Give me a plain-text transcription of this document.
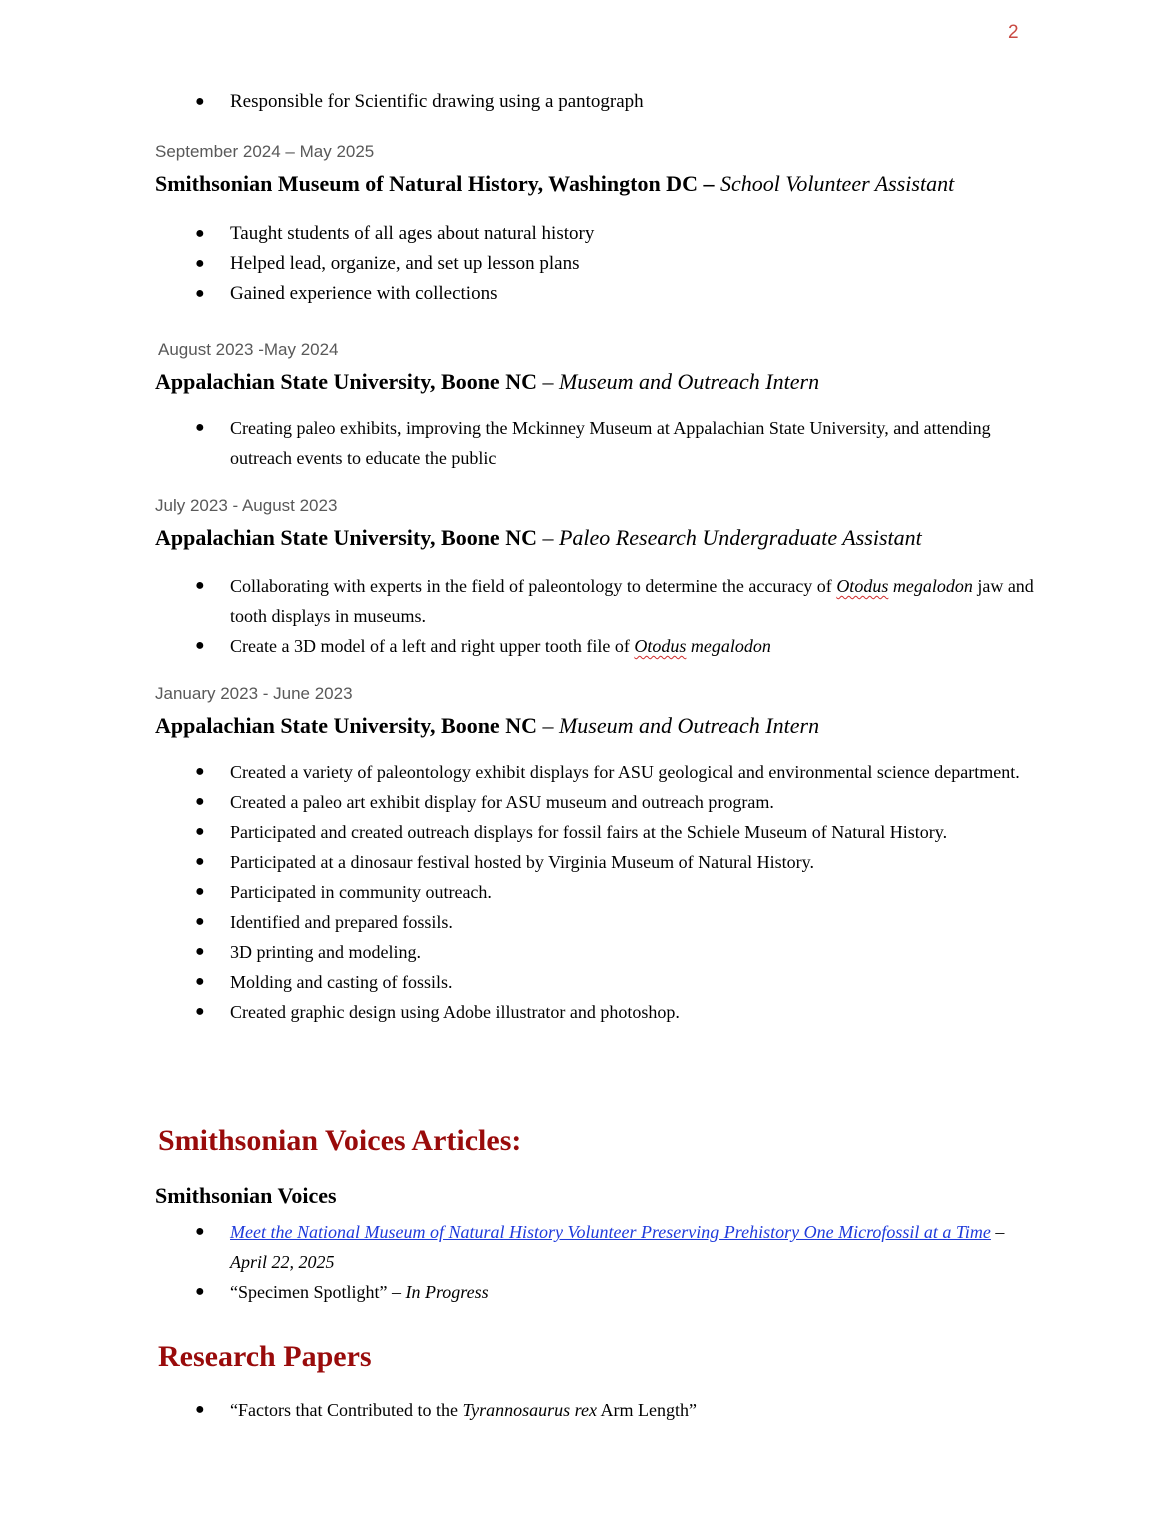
2
● Responsible for Scientific drawing using a pantograph
September 2024 – May 2025
Smithsonian Museum of Natural History, Washington DC – School Volunteer Assistant
● Taught students of all ages about natural history
● Helped lead, organize, and set up lesson plans
● Gained experience with collections
August 2023 -May 2024
Appalachian State University, Boone NC – Museum and Outreach Intern
● Creating paleo exhibits, improving the Mckinney Museum at Appalachian State University, and attending outreach events to educate the public
July 2023 - August 2023
Appalachian State University, Boone NC – Paleo Research Undergraduate Assistant
● Collaborating with experts in the field of paleontology to determine the accuracy of Otodus megalodon jaw and tooth displays in museums.
● Create a 3D model of a left and right upper tooth file of Otodus megalodon
January 2023 - June 2023
Appalachian State University, Boone NC – Museum and Outreach Intern
● Created a variety of paleontology exhibit displays for ASU geological and environmental science department.
● Created a paleo art exhibit display for ASU museum and outreach program.
● Participated and created outreach displays for fossil fairs at the Schiele Museum of Natural History.
● Participated at a dinosaur festival hosted by Virginia Museum of Natural History.
● Participated in community outreach.
● Identified and prepared fossils.
● 3D printing and modeling.
● Molding and casting of fossils.
● Created graphic design using Adobe illustrator and photoshop.
Smithsonian Voices Articles:
Smithsonian Voices
● Meet the National Museum of Natural History Volunteer Preserving Prehistory One Microfossil at a Time – April 22, 2025
● “Specimen Spotlight” – In Progress
Research Papers
● “Factors that Contributed to the Tyrannosaurus rex Arm Length”
